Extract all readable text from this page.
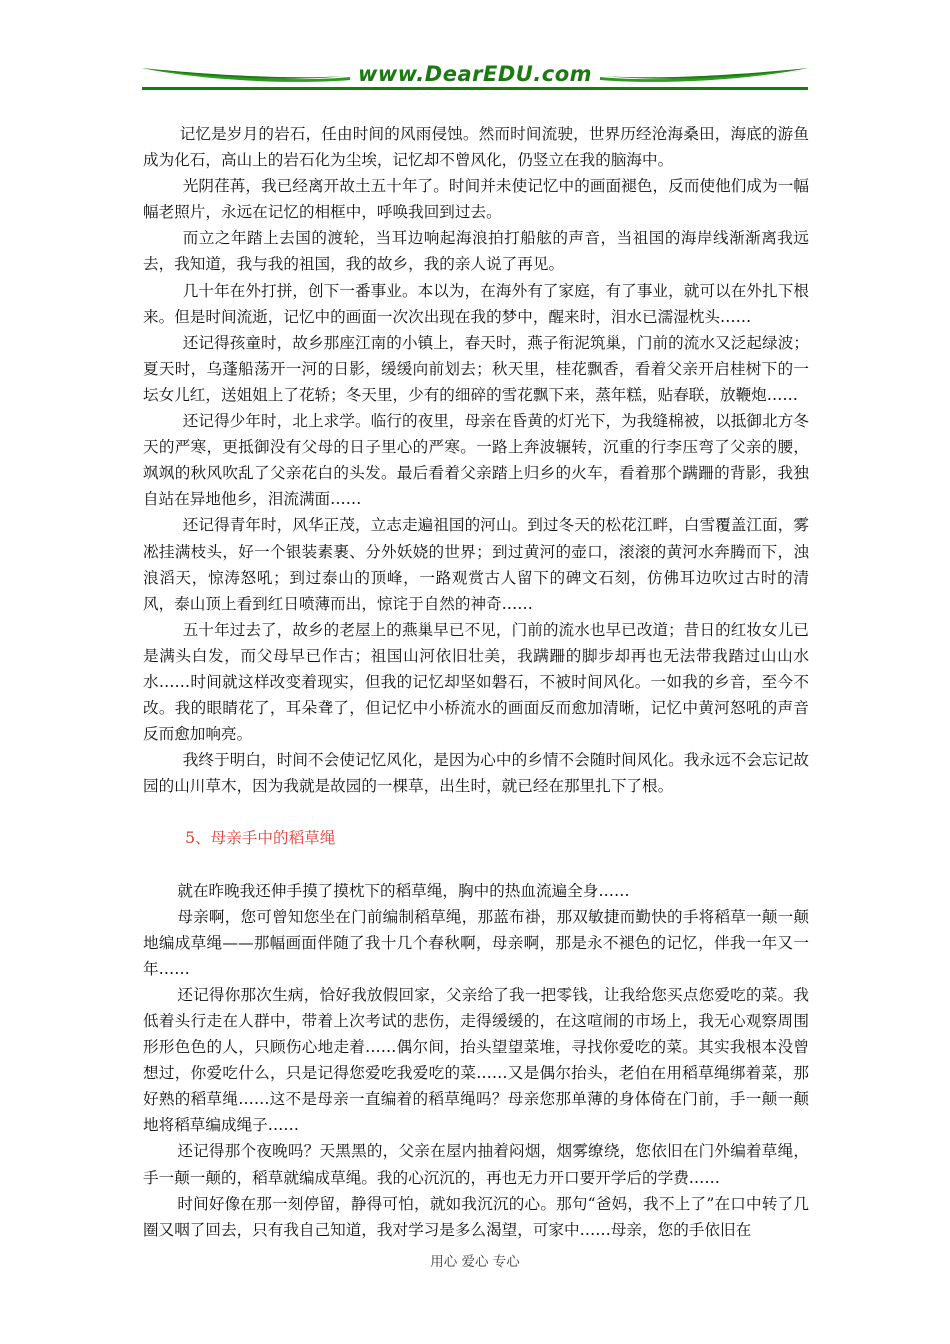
www.DearEDU.com

记忆是岁月的岩石，任由时间的风雨侵蚀。然而时间流驶，世界历经沧海桑田，海底的游鱼成为化石，高山上的岩石化为尘埃，记忆却不曾风化，仍竖立在我的脑海中。

光阴荏苒，我已经离开故土五十年了。时间并未使记忆中的画面褪色，反而使他们成为一幅幅老照片，永远在记忆的相框中，呼唤我回到过去。

而立之年踏上去国的渡轮，当耳边响起海浪拍打船舷的声音，当祖国的海岸线渐渐离我远去，我知道，我与我的祖国，我的故乡，我的亲人说了再见。

几十年在外打拼，创下一番事业。本以为，在海外有了家庭，有了事业，就可以在外扎下根来。但是时间流逝，记忆中的画面一次次出现在我的梦中，醒来时，泪水已濡湿枕头……

还记得孩童时，故乡那座江南的小镇上，春天时，燕子衔泥筑巢，门前的流水又泛起绿波；夏天时，乌蓬船荡开一河的日影，缓缓向前划去；秋天里，桂花飘香，看着父亲开启桂树下的一坛女儿红，送姐姐上了花轿；冬天里，少有的细碎的雪花飘下来，蒸年糕，贴春联，放鞭炮……

还记得少年时，北上求学。临行的夜里，母亲在昏黄的灯光下，为我缝棉被，以抵御北方冬天的严寒，更抵御没有父母的日子里心的严寒。一路上奔波辗转，沉重的行李压弯了父亲的腰，飒飒的秋风吹乱了父亲花白的头发。最后看着父亲踏上归乡的火车，看着那个蹒跚的背影，我独自站在异地他乡，泪流满面……

还记得青年时，风华正茂，立志走遍祖国的河山。到过冬天的松花江畔，白雪覆盖江面，雾凇挂满枝头，好一个银装素裹、分外妖娆的世界；到过黄河的壶口，滚滚的黄河水奔腾而下，浊浪滔天，惊涛怒吼；到过泰山的顶峰，一路观赏古人留下的碑文石刻，仿佛耳边吹过古时的清风，泰山顶上看到红日喷薄而出，惊诧于自然的神奇……

五十年过去了，故乡的老屋上的燕巢早已不见，门前的流水也早已改道；昔日的红妆女儿已是满头白发，而父母早已作古；祖国山河依旧壮美，我蹒跚的脚步却再也无法带我踏过山山水水……时间就这样改变着现实，但我的记忆却坚如磐石，不被时间风化。一如我的乡音，至今不改。我的眼睛花了，耳朵聋了，但记忆中小桥流水的画面反而愈加清晰，记忆中黄河怒吼的声音反而愈加响亮。

我终于明白，时间不会使记忆风化，是因为心中的乡情不会随时间风化。我永远不会忘记故园的山川草木，因为我就是故园的一棵草，出生时，就已经在那里扎下了根。

5、母亲手中的稻草绳

就在昨晚我还伸手摸了摸枕下的稻草绳，胸中的热血流遍全身……

母亲啊，您可曾知您坐在门前编制稻草绳，那蓝布褂，那双敏捷而勤快的手将稻草一颠一颠地编成草绳——那幅画面伴随了我十几个春秋啊，母亲啊，那是永不褪色的记忆，伴我一年又一年……

还记得你那次生病，恰好我放假回家，父亲给了我一把零钱，让我给您买点您爱吃的菜。我低着头行走在人群中，带着上次考试的悲伤，走得缓缓的，在这喧闹的市场上，我无心观察周围形形色色的人，只顾伤心地走着……偶尔间，抬头望望菜堆，寻找你爱吃的菜。其实我根本没曾想过，你爱吃什么，只是记得您爱吃我爱吃的菜……又是偶尔抬头，老伯在用稻草绳绑着菜，那好熟的稻草绳……这不是母亲一直编着的稻草绳吗？母亲您那单薄的身体倚在门前，手一颠一颠地将稻草编成绳子……

还记得那个夜晚吗？天黑黑的，父亲在屋内抽着闷烟，烟雾缭绕，您依旧在门外编着草绳，手一颠一颠的，稻草就编成草绳。我的心沉沉的，再也无力开口要开学后的学费……

时间好像在那一刻停留，静得可怕，就如我沉沉的心。那句“爸妈，我不上了”在口中转了几圈又咽了回去，只有我自己知道，我对学习是多么渴望，可家中……母亲，您的手依旧在

用心 爱心 专心
